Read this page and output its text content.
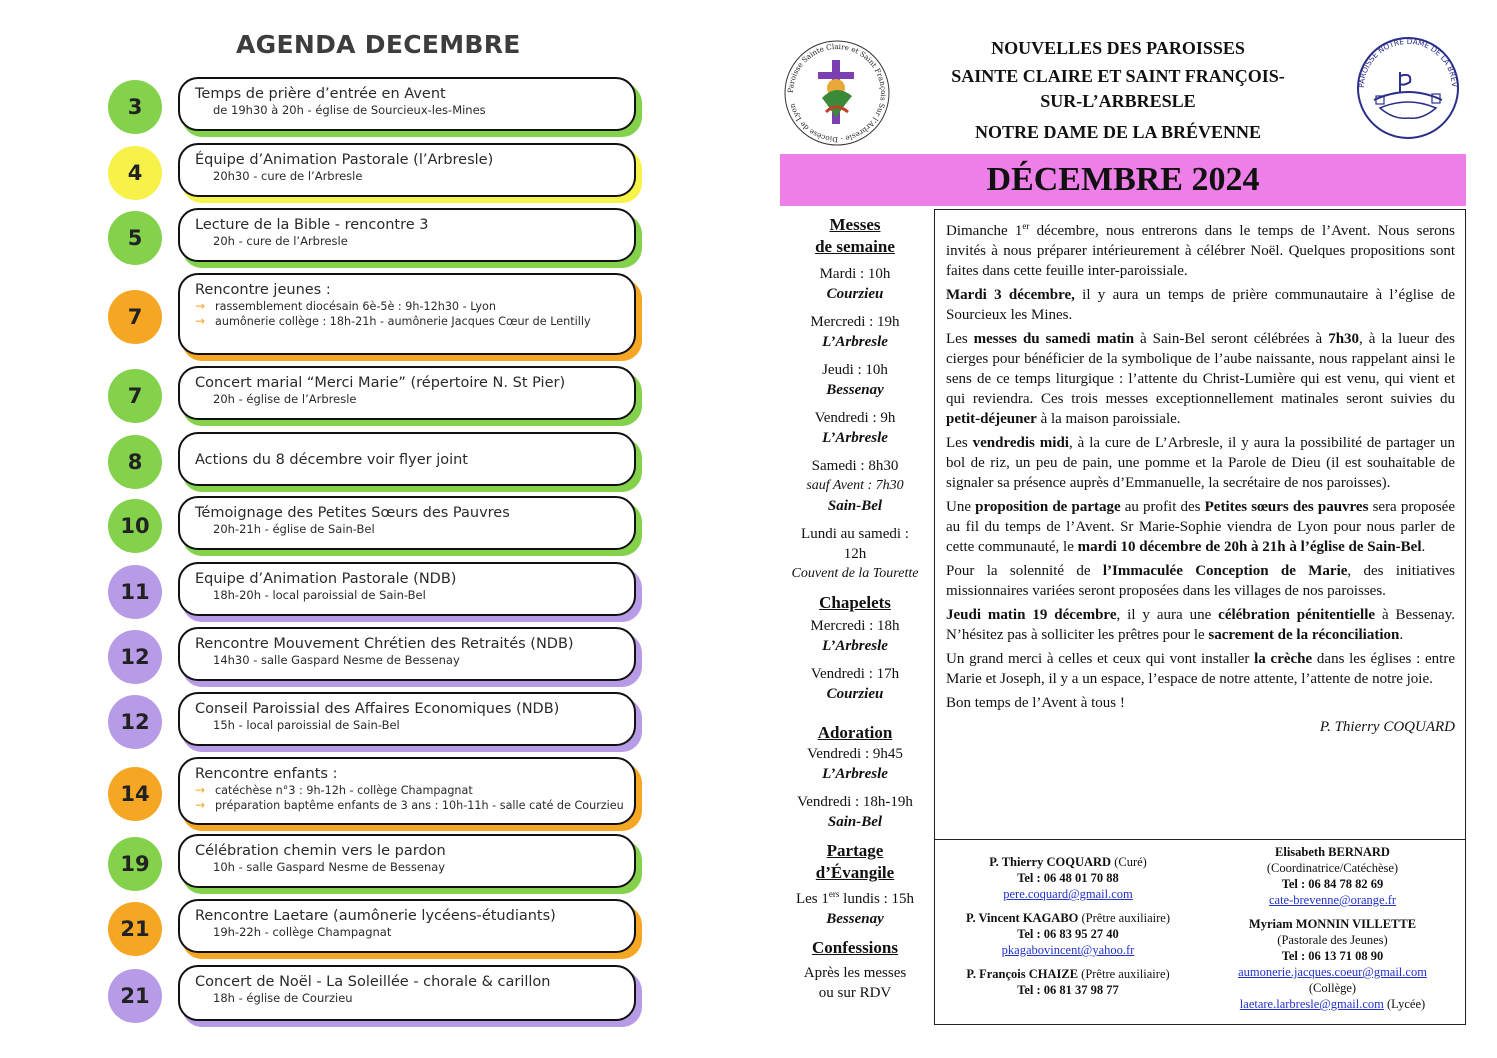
AGENDA DECEMBRE
3
Temps de prière d’entrée en Avent
de 19h30 à 20h - église de Sourcieux-les-Mines
4
Équipe d’Animation Pastorale (l’Arbresle)
20h30 - cure de l’Arbresle
5
Lecture de la Bible - rencontre 3
20h - cure de l’Arbresle
7
Rencontre jeunes :
→ rassemblement diocésain 6è-5è : 9h-12h30 - Lyon
→ aumônerie collège : 18h-21h - aumônerie Jacques Cœur de Lentilly
7
Concert marial “Merci Marie” (répertoire N. St Pier)
20h - église de l’Arbresle
8	Actions du 8 décembre voir flyer joint
10
Témoignage des Petites Sœurs des Pauvres
20h-21h - église de Sain-Bel
11
Equipe d’Animation Pastorale (NDB)
18h-20h - local paroissial de Sain-Bel
12
Rencontre Mouvement Chrétien des Retraités (NDB)
14h30 - salle Gaspard Nesme de Bessenay
12
Conseil Paroissial des Affaires Economiques (NDB)
15h - local paroissial de Sain-Bel
14
Rencontre enfants :
→ catéchèse n°3 : 9h-12h - collège Champagnat
→ préparation baptême enfants de 3 ans : 10h-11h - salle caté de Courzieu
19
Célébration chemin vers le pardon
10h - salle Gaspard Nesme de Bessenay
21
Rencontre Laetare (aumônerie lycéens-étudiants)
19h-22h - collège Champagnat
21
Concert de Noël - La Soleillée - chorale & carillon
18h - église de Courzieu
Paroisse Sainte Claire et Saint François Sur l’Arbresle - Diocèse de Lyon
NOUVELLES DES PAROISSES
SAINTE CLAIRE ET SAINT FRANÇOIS-
SUR-L’ARBRESLE
NOTRE DAME DE LA BRÉVENNE
PAROISSE NOTRE DAME DE LA BRÉV
DÉCEMBRE 2024
Messes
de semaine
Mardi : 10h
Courzieu
Mercredi : 19h
L’Arbresle
Jeudi : 10h
Bessenay
Vendredi : 9h
L’Arbresle
Samedi : 8h30
sauf Avent : 7h30
Sain-Bel
Lundi au samedi :
12h
Couvent de la Tourette
Chapelets
Mercredi : 18h
L’Arbresle
Vendredi : 17h
Courzieu
Adoration
Vendredi : 9h45
L’Arbresle
Vendredi : 18h-19h
Sain-Bel
Partage
d’Évangile
Les 1ers lundis : 15h
Bessenay
Confessions
Après les messes
ou sur RDV

Dimanche 1er décembre, nous entrerons dans le temps de l’Avent. Nous serons invités à nous préparer intérieurement à célébrer Noël. Quelques propositions sont faites dans cette feuille inter-paroissiale.

Mardi 3 décembre, il y aura un temps de prière communautaire à l’église de Sourcieux les Mines.

Les messes du samedi matin à Sain-Bel seront célébrées à 7h30, à la lueur des cierges pour bénéficier de la symbolique de l’aube naissante, nous rappelant ainsi le sens de ce temps liturgique : l’attente du Christ-Lumière qui est venu, qui vient et qui reviendra. Ces trois messes exceptionnellement matinales seront suivies du petit-déjeuner à la maison paroissiale.

Les vendredis midi, à la cure de L’Arbresle, il y aura la possibilité de partager un bol de riz, un peu de pain, une pomme et la Parole de Dieu (il est souhaitable de signaler sa présence auprès d’Emmanuelle, la secrétaire de nos paroisses).

Une proposition de partage au profit des Petites sœurs des pauvres sera proposée au fil du temps de l’Avent. Sr Marie-Sophie viendra de Lyon pour nous parler de cette communauté, le mardi 10 décembre de 20h à 21h à l’église de Sain-Bel.

Pour la solennité de l’Immaculée Conception de Marie, des initiatives missionnaires variées seront proposées dans les villages de nos paroisses.

Jeudi matin 19 décembre, il y aura une célébration pénitentielle à Bessenay. N’hésitez pas à solliciter les prêtres pour le sacrement de la réconciliation.

Un grand merci à celles et ceux qui vont installer la crèche dans les églises : entre Marie et Joseph, il y a un espace, l’espace de notre attente, l’attente de notre joie.

Bon temps de l’Avent à tous !

P. Thierry COQUARD
P. Thierry COQUARD (Curé)
Tel : 06 48 01 70 88
pere.coquard@gmail.com
P. Vincent KAGABO (Prêtre auxiliaire)
Tel : 06 83 95 27 40
pkagabovincent@yahoo.fr
P. François CHAIZE (Prêtre auxiliaire)
Tel : 06 81 37 98 77
Elisabeth BERNARD
(Coordinatrice/Catéchèse)
Tel : 06 84 78 82 69
cate-brevenne@orange.fr
Myriam MONNIN VILLETTE
(Pastorale des Jeunes)
Tel : 06 13 71 08 90
aumonerie.jacques.coeur@gmail.com
(Collège)
laetare.larbresle@gmail.com (Lycée)
